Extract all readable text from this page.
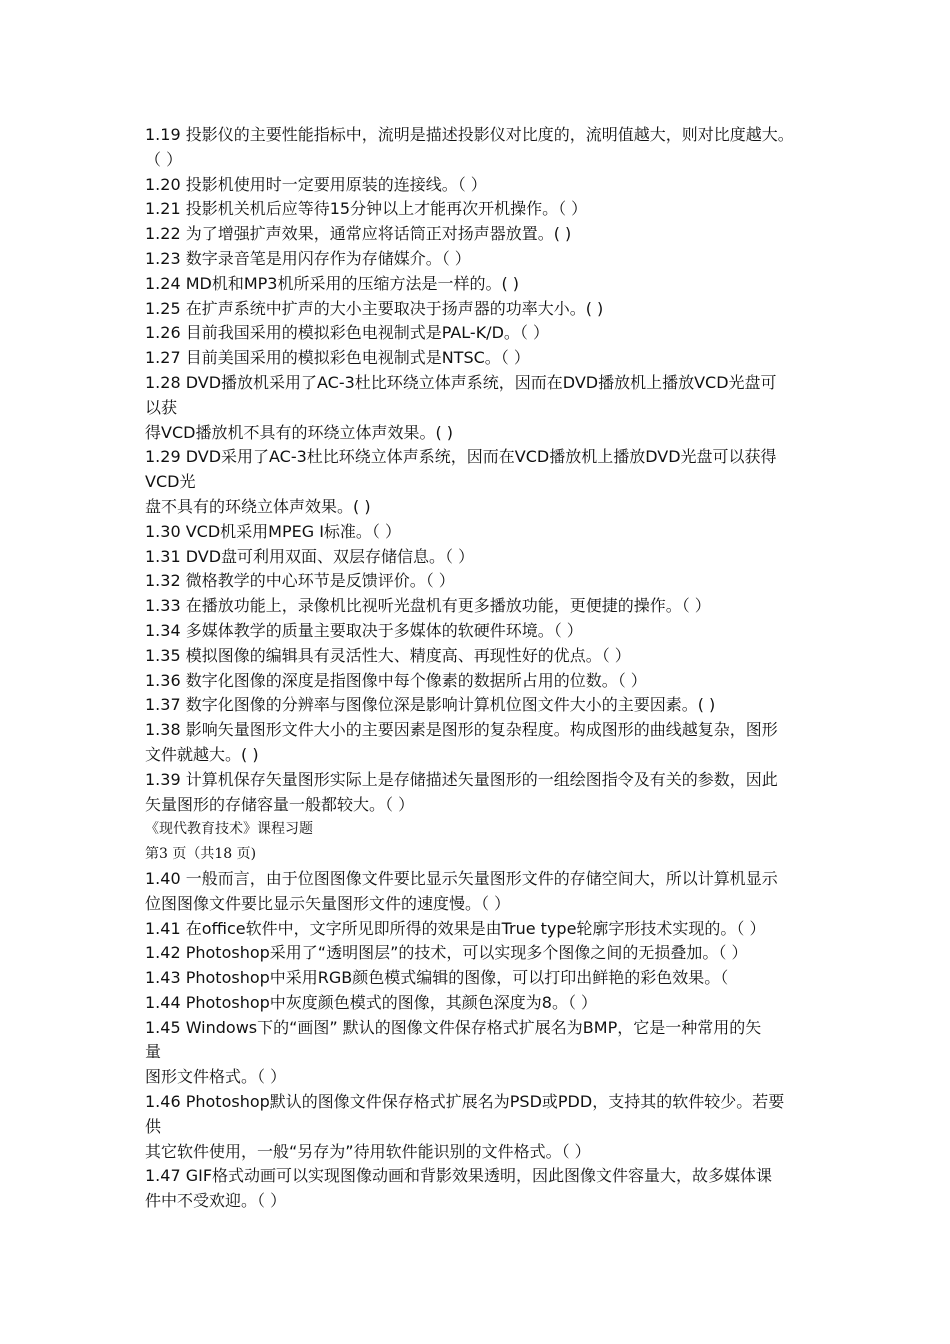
1.19 投影仪的主要性能指标中，流明是描述投影仪对比度的，流明值越大，则对比度越大。
（ ）
1.20 投影机使用时一定要用原装的连接线。（ ）
1.21 投影机关机后应等待15分钟以上才能再次开机操作。（ ）
1.22 为了增强扩声效果，通常应将话筒正对扬声器放置。( )
1.23 数字录音笔是用闪存作为存储媒介。（ ）
1.24 MD机和MP3机所采用的压缩方法是一样的。( )
1.25 在扩声系统中扩声的大小主要取决于扬声器的功率大小。( )
1.26 目前我国采用的模拟彩色电视制式是PAL-K/D。（ ）
1.27 目前美国采用的模拟彩色电视制式是NTSC。（ ）
1.28 DVD播放机采用了AC-3杜比环绕立体声系统，因而在DVD播放机上播放VCD光盘可
以获
得VCD播放机不具有的环绕立体声效果。( )
1.29 DVD采用了AC-3杜比环绕立体声系统，因而在VCD播放机上播放DVD光盘可以获得
VCD光
盘不具有的环绕立体声效果。( )
1.30 VCD机采用MPEG I标准。（ ）
1.31 DVD盘可利用双面、双层存储信息。（ ）
1.32 微格教学的中心环节是反馈评价。（ ）
1.33 在播放功能上，录像机比视听光盘机有更多播放功能，更便捷的操作。（ ）
1.34 多媒体教学的质量主要取决于多媒体的软硬件环境。（ ）
1.35 模拟图像的编辑具有灵活性大、精度高、再现性好的优点。（ ）
1.36 数字化图像的深度是指图像中每个像素的数据所占用的位数。（ ）
1.37 数字化图像的分辨率与图像位深是影响计算机位图文件大小的主要因素。( )
1.38 影响矢量图形文件大小的主要因素是图形的复杂程度。构成图形的曲线越复杂，图形
文件就越大。( )
1.39 计算机保存矢量图形实际上是存储描述矢量图形的一组绘图指令及有关的参数，因此
矢量图形的存储容量一般都较大。（ ）
《现代教育技术》课程习题
第3 页（共18 页)
1.40 一般而言，由于位图图像文件要比显示矢量图形文件的存储空间大，所以计算机显示
位图图像文件要比显示矢量图形文件的速度慢。（ ）
1.41 在office软件中，文字所见即所得的效果是由True type轮廓字形技术实现的。（ ）
1.42 Photoshop采用了“透明图层”的技术，可以实现多个图像之间的无损叠加。（ ）
1.43 Photoshop中采用RGB颜色模式编辑的图像，可以打印出鲜艳的彩色效果。（
1.44 Photoshop中灰度颜色模式的图像，其颜色深度为8。（ ）
1.45 Windows下的“画图” 默认的图像文件保存格式扩展名为BMP，它是一种常用的矢
量
图形文件格式。（ ）
1.46 Photoshop默认的图像文件保存格式扩展名为PSD或PDD，支持其的软件较少。若要
供
其它软件使用，一般“另存为”待用软件能识别的文件格式。（ ）
1.47 GIF格式动画可以实现图像动画和背影效果透明，因此图像文件容量大，故多媒体课
件中不受欢迎。（ ）
